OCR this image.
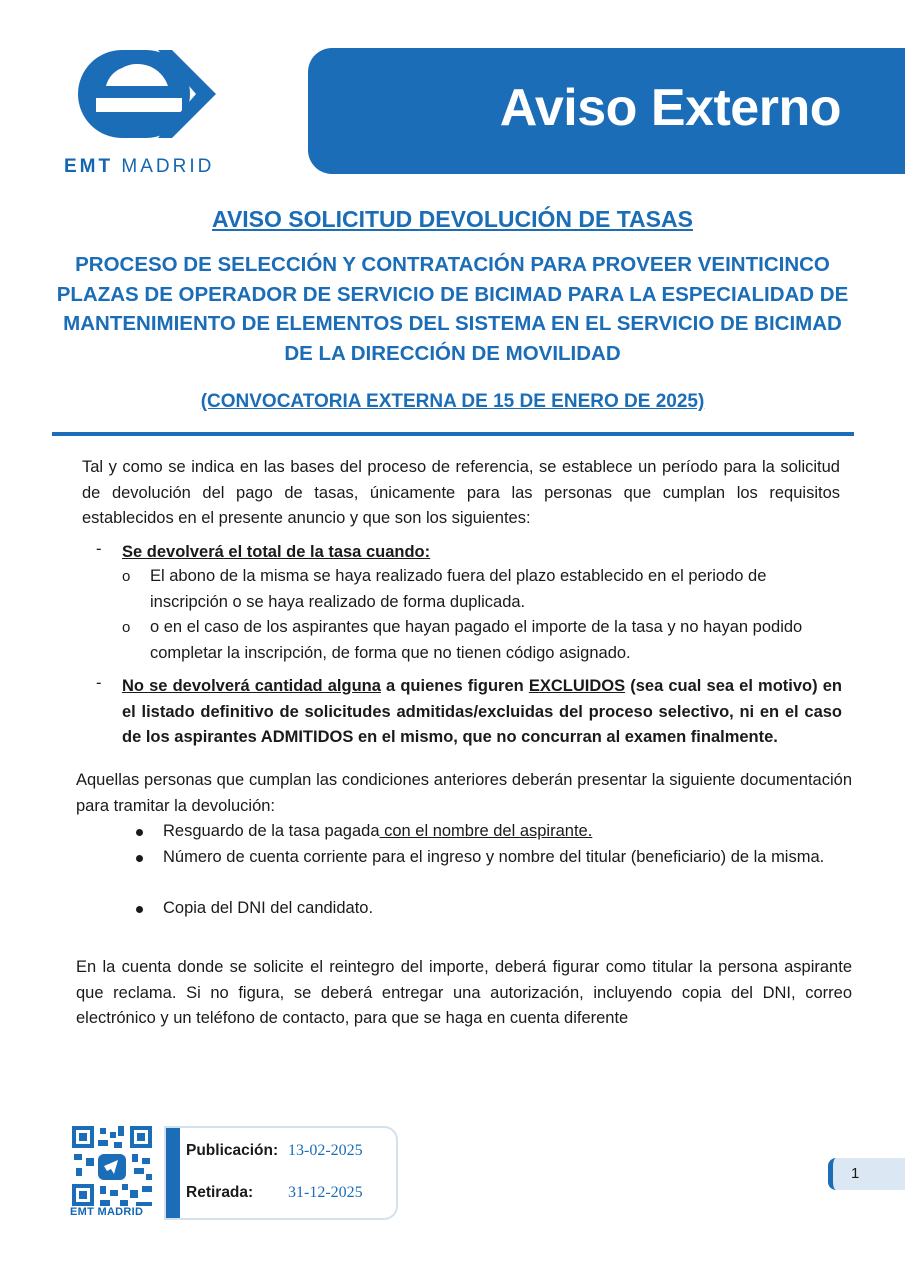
EMT MADRID
Aviso Externo
AVISO SOLICITUD DEVOLUCIÓN DE TASAS
PROCESO DE SELECCIÓN Y CONTRATACIÓN PARA PROVEER VEINTICINCO PLAZAS DE OPERADOR DE SERVICIO DE BICIMAD PARA LA ESPECIALIDAD DE MANTENIMIENTO DE ELEMENTOS DEL SISTEMA EN EL SERVICIO DE BICIMAD DE LA DIRECCIÓN DE MOVILIDAD
(CONVOCATORIA EXTERNA DE 15 DE ENERO DE 2025)

Tal y como se indica en las bases del proceso de referencia, se establece un período para la solicitud de devolución del pago de tasas, únicamente para las personas que cumplan los requisitos establecidos en el presente anuncio y que son los siguientes:

- Se devolverá el total de la tasa cuando:
o El abono de la misma se haya realizado fuera del plazo establecido en el periodo de inscripción o se haya realizado de forma duplicada.

o o en el caso de los aspirantes que hayan pagado el importe de la tasa y no hayan podido completar la inscripción, de forma que no tienen código asignado.

- No se devolverá cantidad alguna a quienes figuren EXCLUIDOS (sea cual sea el motivo) en el listado definitivo de solicitudes admitidas/excluidas del proceso selectivo, ni en el caso de los aspirantes ADMITIDOS en el mismo, que no concurran al examen finalmente.

Aquellas personas que cumplan las condiciones anteriores deberán presentar la siguiente documentación para tramitar la devolución:

Resguardo de la tasa pagada con el nombre del aspirante.

Número de cuenta corriente para el ingreso y nombre del titular (beneficiario) de la misma.

Copia del DNI del candidato.

En la cuenta donde se solicite el reintegro del importe, deberá figurar como titular la persona aspirante que reclama. Si no figura, se deberá entregar una autorización, incluyendo copia del DNI, correo electrónico y un teléfono de contacto, para que se haga en cuenta diferente

EMT MADRID
Publicación: 13-02-2025
Retirada: 31-12-2025
1
